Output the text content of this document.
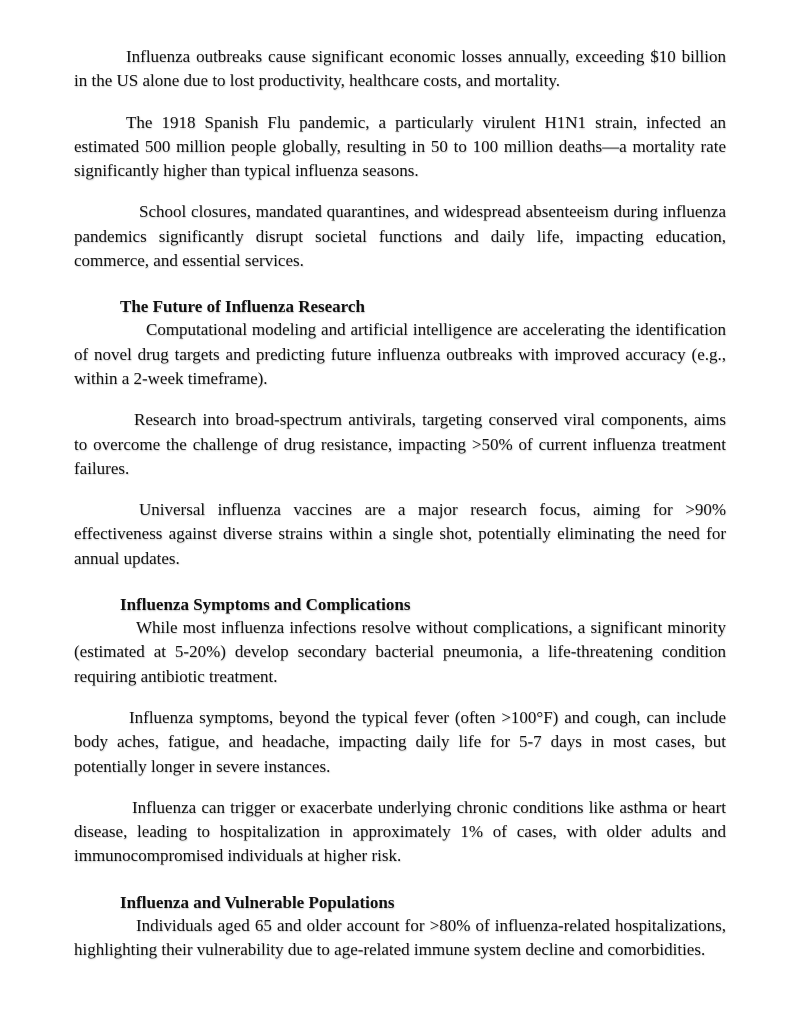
Influenza outbreaks cause significant economic losses annually, exceeding $10 billion in the US alone due to lost productivity, healthcare costs, and mortality.

The 1918 Spanish Flu pandemic, a particularly virulent H1N1 strain, infected an estimated 500 million people globally, resulting in 50 to 100 million deaths—a mortality rate significantly higher than typical influenza seasons.

School closures, mandated quarantines, and widespread absenteeism during influenza pandemics significantly disrupt societal functions and daily life, impacting education, commerce, and essential services.

The Future of Influenza Research

Computational modeling and artificial intelligence are accelerating the identification of novel drug targets and predicting future influenza outbreaks with improved accuracy (e.g., within a 2-week timeframe).

Research into broad-spectrum antivirals, targeting conserved viral components, aims to overcome the challenge of drug resistance, impacting >50% of current influenza treatment failures.

Universal influenza vaccines are a major research focus, aiming for >90% effectiveness against diverse strains within a single shot, potentially eliminating the need for annual updates.

Influenza Symptoms and Complications

While most influenza infections resolve without complications, a significant minority (estimated at 5-20%) develop secondary bacterial pneumonia, a life-threatening condition requiring antibiotic treatment.

Influenza symptoms, beyond the typical fever (often >100°F) and cough, can include body aches, fatigue, and headache, impacting daily life for 5-7 days in most cases, but potentially longer in severe instances.

Influenza can trigger or exacerbate underlying chronic conditions like asthma or heart disease, leading to hospitalization in approximately 1% of cases, with older adults and immunocompromised individuals at higher risk.

Influenza and Vulnerable Populations

Individuals aged 65 and older account for >80% of influenza-related hospitalizations, highlighting their vulnerability due to age-related immune system decline and comorbidities.
